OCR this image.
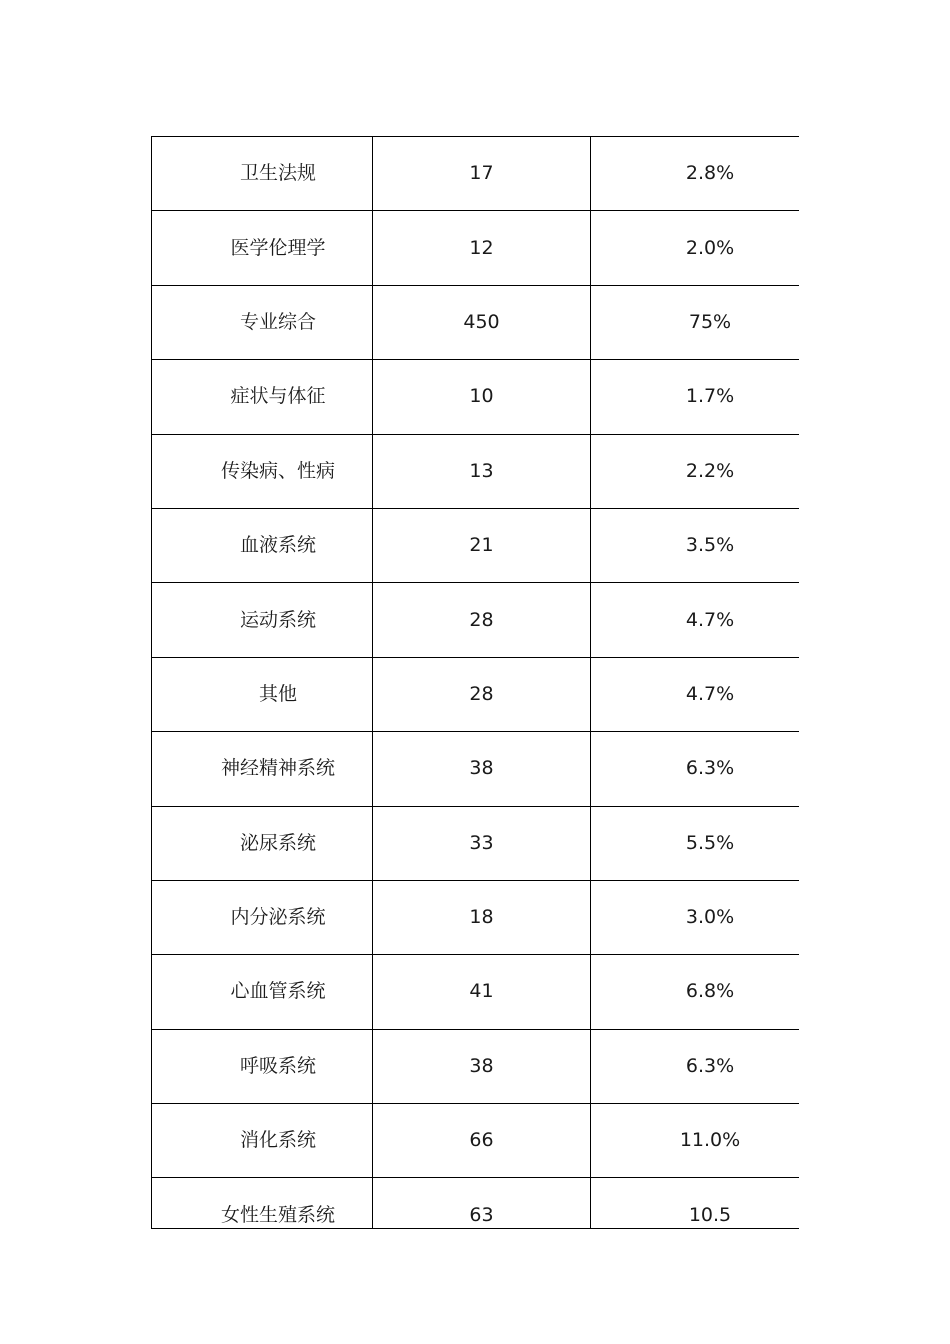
卫生法规	17	2.8%
医学伦理学	12	2.0%
专业综合	450	75%
症状与体征	10	1.7%
传染病、性病	13	2.2%
血液系统	21	3.5%
运动系统	28	4.7%
其他	28	4.7%
神经精神系统	38	6.3%
泌尿系统	33	5.5%
内分泌系统	18	3.0%
心血管系统	41	6.8%
呼吸系统	38	6.3%
消化系统	66	11.0%
女性生殖系统	63	10.5
